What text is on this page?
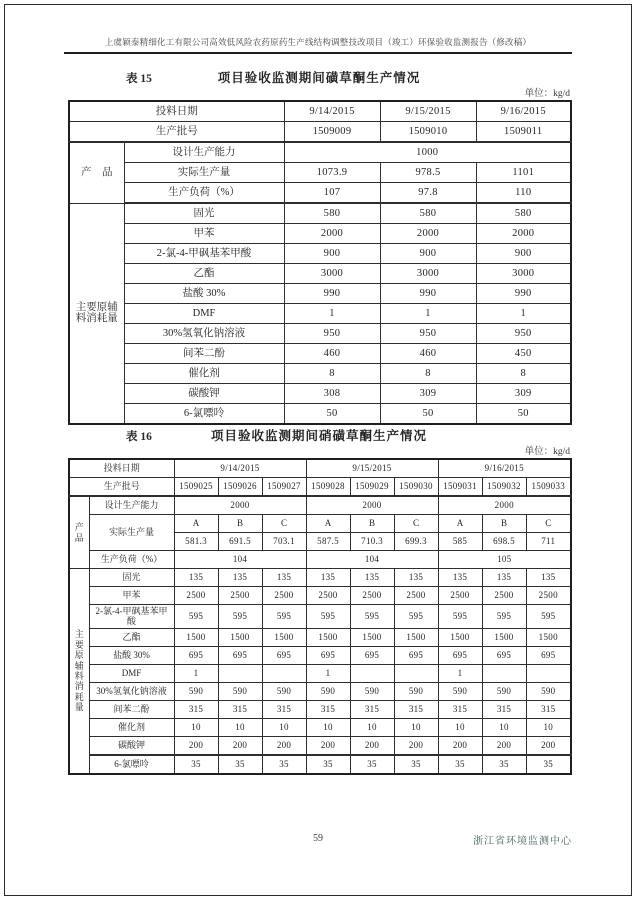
上虞颖泰精细化工有限公司高效低风险农药原药生产线结构调整技改项目（竣工）环保验收监测报告（修改稿）
表 15	项目验收监测期间磺草酮生产情况
单位：kg/d
投料日期		9/14/2015	9/15/2015	9/16/2015
生产批号		1509009	1509010	1509011
产　品	设计生产能力	1000		
	实际生产量	1073.9	978.5	1101
	生产负荷（%）	107	97.8	110
主要原辅料消耗量	固光	580	580	580
	甲苯	2000	2000	2000
	2-氯-4-甲砜基苯甲酸	900	900	900
	乙酯	3000	3000	3000
	盐酸 30%	990	990	990
	DMF	1	1	1
	30%氢氧化钠溶液	950	950	950
	间苯二酚	460	460	450
	催化剂	8	8	8
	碳酸钾	308	309	309
	6-氯嘌呤	50	50	50
表 16	项目验收监测期间硝磺草酮生产情况
单位：kg/d
投料日期		9/14/2015			9/15/2015			9/16/2015		
生产批号		1509025	1509026	1509027	1509028	1509029	1509030	1509031	1509032	1509033
产品	设计生产能力	2000			2000			2000		
	实际生产量	A	B	C	A	B	C	A	B	C
		581.3	691.5	703.1	587.5	710.3	699.3	585	698.5	711
	生产负荷（%）	104			104			105		
主要原辅料消耗量	固光	135	135	135	135	135	135	135	135	135
	甲苯	2500	2500	2500	2500	2500	2500	2500	2500	2500
	2-氯-4-甲砜基苯甲酸	595	595	595	595	595	595	595	595	595
	乙酯	1500	1500	1500	1500	1500	1500	1500	1500	1500
	盐酸 30%	695	695	695	695	695	695	695	695	695
	DMF	1			1			1		
	30%氢氧化钠溶液	590	590	590	590	590	590	590	590	590
	间苯二酚	315	315	315	315	315	315	315	315	315
	催化剂	10	10	10	10	10	10	10	10	10
	碳酸钾	200	200	200	200	200	200	200	200	200
	6-氯嘌呤	35	35	35	35	35	35	35	35	35
59	浙江省环境监测中心
